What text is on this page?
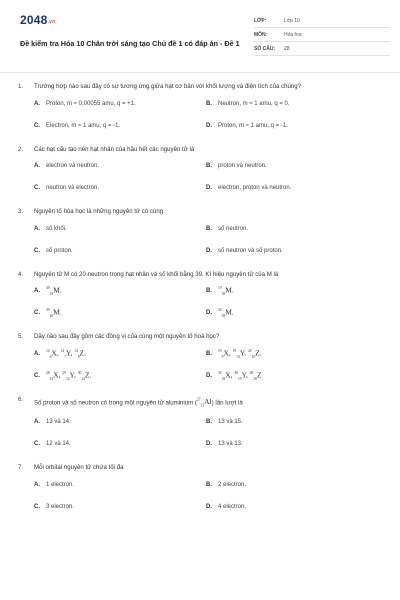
2048.vn
Đề kiểm tra Hóa 10 Chân trời sáng tạo Chủ đề 1 có đáp án - Đề 1
LỚP:	Lớp 10
MÔN:	Hóa học
SỐ CÂU:	28
1.	Trường hợp nào sau đây có sự tương ứng giữa hạt cơ bản với khối lượng và điện tích của chúng?
A.	Proton, m ≈ 0,00055 amu, q = +1.	B.	Neutron, m ≈ 1 amu, q = 0.
C.	Electron, m ≈ 1 amu, q = -1.	D.	Proton, m ≈ 1 amu, q = -1.
2.	Các hạt cấu tạo nên hạt nhân của hầu hết các nguyên tử là
A.	electron và neutron.	B.	proton và neutron.
C.	neutron và electron.	D.	electron, proton và neutron.
3.	Nguyên tố hóa học là những nguyên tử có cùng
A.	số khối.	B.	số neutron.
C.	số proton.	D.	số neutron và số proton.
4.	Nguyên tử M có 20 neutron trong hạt nhân và số khối bằng 39. Kí hiệu nguyên tử của M là
A.	$^{39}_{19}$M.	B.	$^{19}_{39}$M.
C.	$^{39}_{20}$M.	D.	$^{20}_{39}$M.
5.	Dãy nào sau đây gồm các đồng vị của cùng một nguyên tố hoá học?
A.	$^{14}_6$X, $^{14}_7$Y, $^{14}_8$Z.	B.	$^{19}_9$X, $^{19}_{10}$Y, $^{20}_{10}$Z.
C.	$^{28}_{14}$X, $^{29}_{14}$Y, $^{30}_{14}$Z.	D.	$^{40}_{18}$X, $^{40}_{19}$Y, $^{40}_{20}$Z
6.	Số proton và số neutron có trong một nguyên tử aluminium ($^{27}_{13}$Al) lần lượt là
A.	13 và 14.	B.	13 và 15.
C.	12 và 14.	D.	13 và 13.
7.	Mỗi orbital nguyên tử chứa tối đa
A.	1 electron.	B.	2 electron.
C.	3 electron.	D.	4 electron.
